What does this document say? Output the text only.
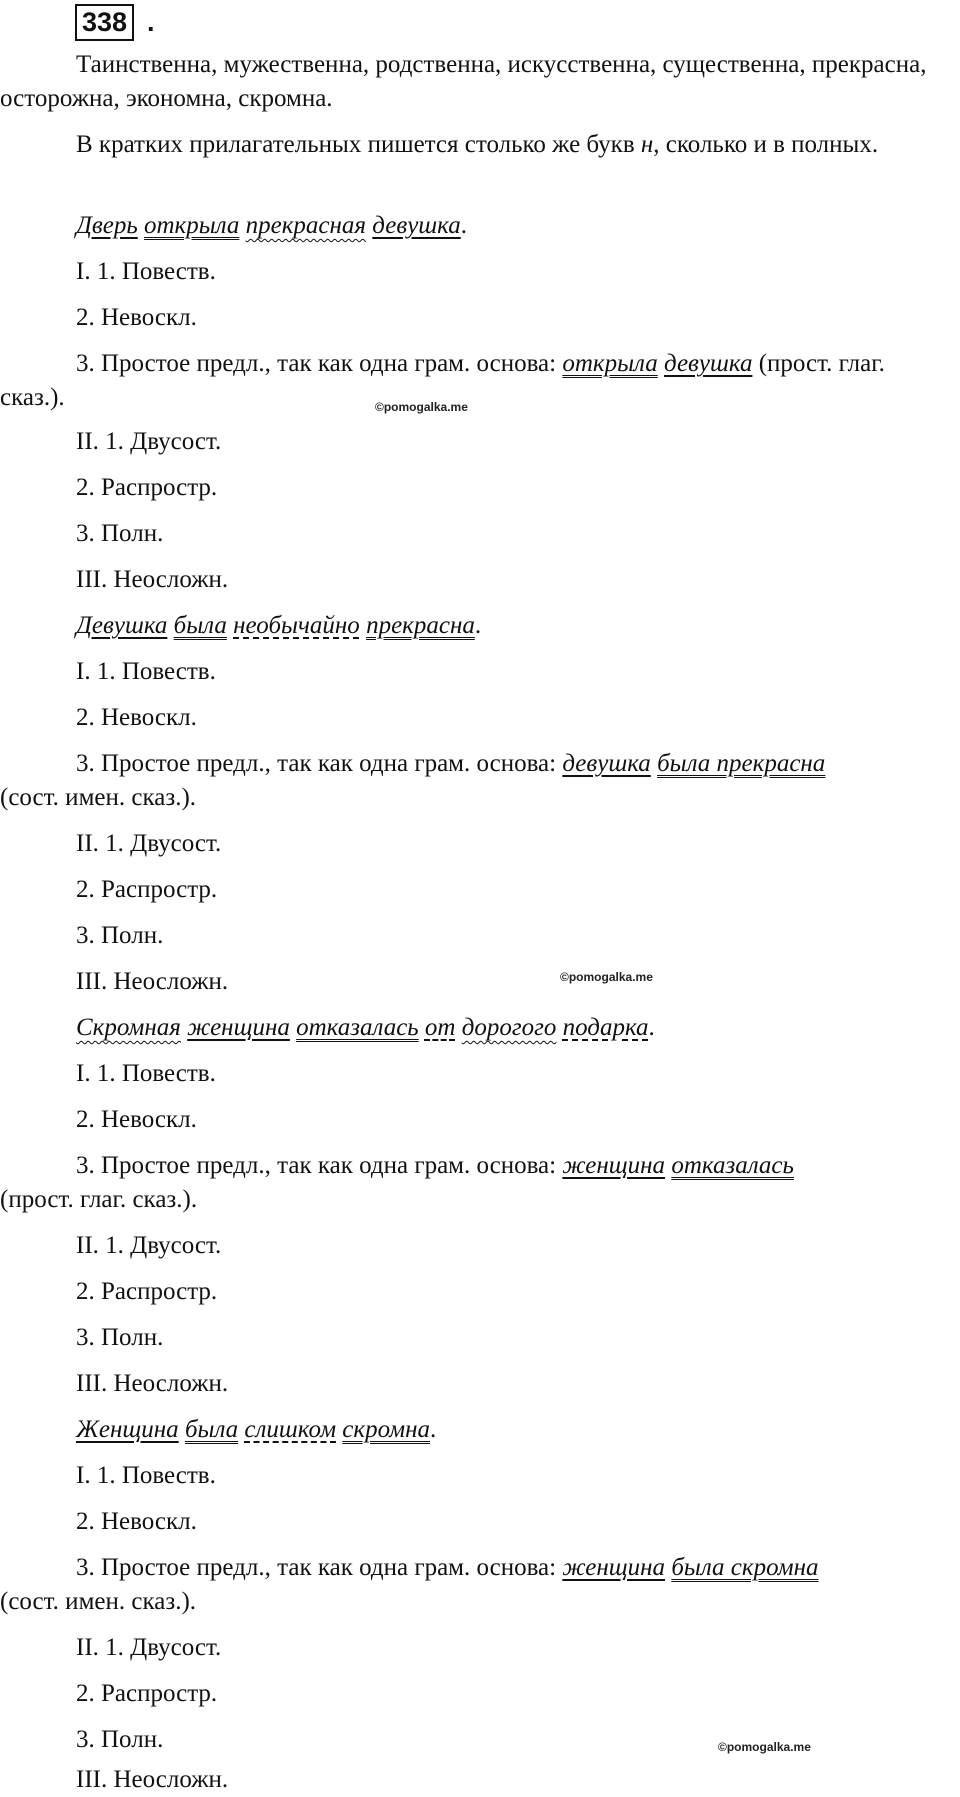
338 .

Таинственна, мужественна, родственна, искусственна, существенна, прекрасна, осторожна, экономна, скромна.

В кратких прилагательных пишется столько же букв н, сколько и в полных.

Дверь открыла прекрасная девушка.
I. 1. Повеств.
2. Невоскл.

3. Простое предл., так как одна грам. основа: открыла девушка (прост. глаг. сказ.).

II. 1. Двусост.
2. Распростр.
3. Полн.
III. Неосложн.
Девушка была необычайно прекрасна.
I. 1. Повеств.
2. Невоскл.
3. Простое предл., так как одна грам. основа: девушка была прекрасна
(сост. имен. сказ.).
II. 1. Двусост.
2. Распростр.
3. Полн.
III. Неосложн.
Скромная женщина отказалась от дорогого подарка.
I. 1. Повеств.
2. Невоскл.
3. Простое предл., так как одна грам. основа: женщина отказалась
(прост. глаг. сказ.).
II. 1. Двусост.
2. Распростр.
3. Полн.
III. Неосложн.
Женщина была слишком скромна.
I. 1. Повеств.
2. Невоскл.
3. Простое предл., так как одна грам. основа: женщина была скромна
(сост. имен. сказ.).
II. 1. Двусост.
2. Распростр.
3. Полн.
III. Неосложн.
©pomogalka.me
©pomogalka.me
©pomogalka.me
